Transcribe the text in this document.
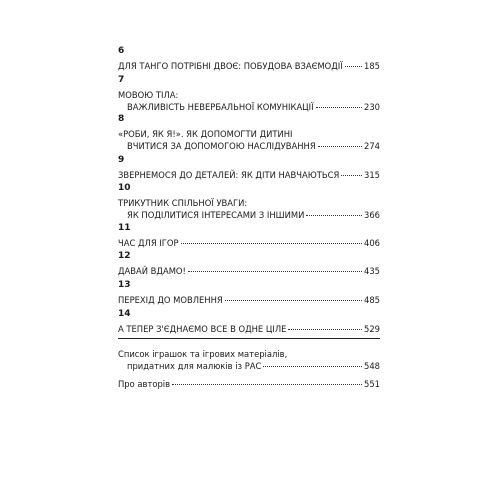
6
ДЛЯ ТАНГО ПОТРІБНІ ДВОЄ: ПОБУДОВА ВЗАЄМОДІЇ	185
7
МОВОЮ ТІЛА:
ВАЖЛИВІСТЬ НЕВЕРБАЛЬНОЇ КОМУНІКАЦІЇ	230
8
«РОБИ, ЯК Я!». ЯК ДОПОМОГТИ ДИТИНІ
ВЧИТИСЯ ЗА ДОПОМОГОЮ НАСЛІДУВАННЯ	274
9
ЗВЕРНЕМОСЯ ДО ДЕТАЛЕЙ: ЯК ДІТИ НАВЧАЮТЬСЯ	315
10
ТРИКУТНИК СПІЛЬНОЇ УВАГИ:
ЯК ПОДІЛИТИСЯ ІНТЕРЕСАМИ З ІНШИМИ	366
11
ЧАС ДЛЯ ІГОР	406
12
ДАВАЙ ВДАМО!	435
13
ПЕРЕХІД ДО МОВЛЕННЯ	485
14
А ТЕПЕР З'ЄДНАЄМО ВСЕ В ОДНЕ ЦІЛЕ	529
Список іграшок та ігрових матеріалів,
придатних для малюків із РАС	548
Про авторів	551
